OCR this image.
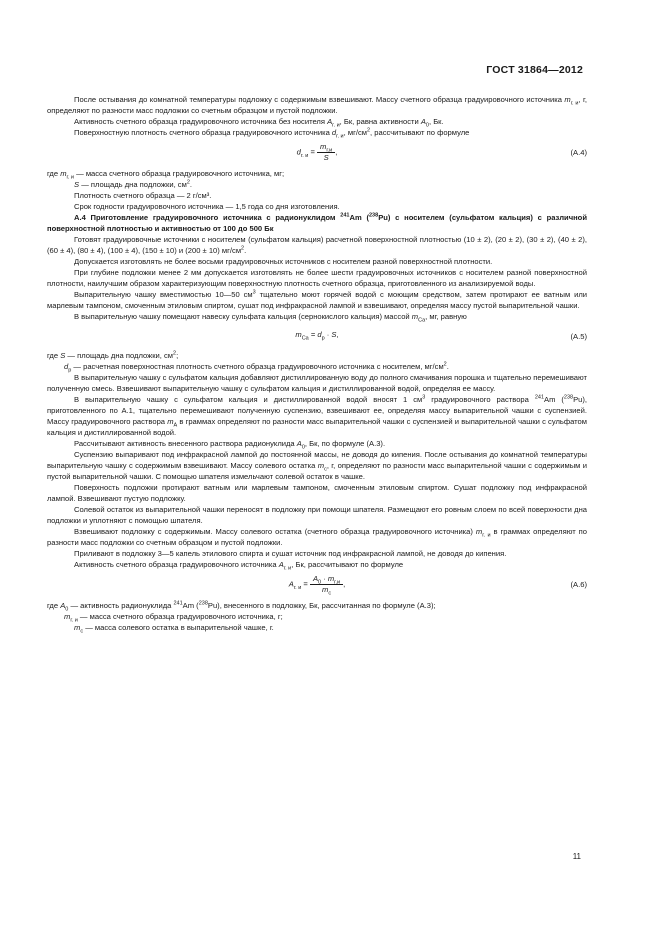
ГОСТ 31864—2012

После остывания до комнатной температуры подложку с содержимым взвешивают. Массу счетного образца градуировочного источника $m_{г. и}$, г, определяют по разности масс подложки со счетным образцом и пустой подложки.

Активность счетного образца градуировочного источника без носителя $A_{г. и}$, Бк, равна активности $A_0$, Бк.

Поверхностную плотность счетного образца градуировочного источника $d_{г. и}$, $мг/см^2$, рассчитывают по формуле

$d_{г. и} = \frac{m_{г.и}}{S}$ ,	(A.4)

где $m_{г. и}$ — масса счетного образца градуировочного источника, мг;

S — площадь дна подложки, $см^2$.

Плотность счетного образца — 2 г/см³.

Срок годности градуировочного источника — 1,5 года со дня изготовления.

А.4 Приготовление градуировочного источника с радионуклидом $^{241}$Am ($^{238}$Pu) с носителем (сульфатом кальция) с различной поверхностной плотностью и активностью от 100 до 500 Бк

Готовят градуировочные источники с носителем (сульфатом кальция) расчетной поверхностной плотностью (10 ± 2), (20 ± 2), (30 ± 2), (40 ± 2), (60 ± 4), (80 ± 4), (100 ± 4), (150 ± 10) и (200 ± 10) $мг/см^2$.

Допускается изготовлять не более восьми градуировочных источников с носителем разной поверхностной плотности.

При глубине подложки менее 2 мм допускается изготовлять не более шести градуировочных источников с носителем разной поверхностной плотности, наилучшим образом характеризующим поверхностную плотность счетного образца, приготовленного из анализируемой воды.

Выпарительную чашку вместимостью 10—50 $см^3$ тщательно моют горячей водой с моющим средством, затем протирают ее ватным или марлевым тампоном, смоченным этиловым спиртом, сушат под инфракрасной лампой и взвешивают, определяя массу пустой выпарительной чашки.

В выпарительную чашку помещают навеску сульфата кальция (сернокислого кальция) массой $m_{Ca}$, мг, равную

$m_{Ca} = d_p \cdot S$,	(A.5)

где S — площадь дна подложки, $см^2$;

$d_p$ — расчетная поверхностная плотность счетного образца градуировочного источника с носителем, $мг/см^2$.

В выпарительную чашку с сульфатом кальция добавляют дистиллированную воду до полного смачивания порошка и тщательно перемешивают полученную смесь. Взвешивают выпарительную чашку с сульфатом кальция и дистиллированной водой, определяя ее массу.

В выпарительную чашку с сульфатом кальция и дистиллированной водой вносят 1 $см^3$ градуировочного раствора $^{241}$Am ($^{238}$Pu), приготовленного по А.1, тщательно перемешивают полученную суспензию, взвешивают ее, определяя массу выпарительной чашки с суспензией. Массу градуировочного раствора $m_A$ в граммах определяют по разности масс выпарительной чашки с суспензией и выпарительной чашки с сульфатом кальция и дистиллированной водой.

Рассчитывают активность внесенного раствора радионуклида $A_0$, Бк, по формуле (А.3).

Суспензию выпаривают под инфракрасной лампой до постоянной массы, не доводя до кипения. После остывания до комнатной температуры выпарительную чашку с содержимым взвешивают. Массу солевого остатка $m_c$, г, определяют по разности масс выпарительной чашки с содержимым и пустой выпарительной чашки. С помощью шпателя измельчают солевой остаток в чашке.

Поверхность подложки протирают ватным или марлевым тампоном, смоченным этиловым спиртом. Сушат подложку под инфракрасной лампой. Взвешивают пустую подложку.

Солевой остаток из выпарительной чашки переносят в подложку при помощи шпателя. Размещают его ровным слоем по всей поверхности дна подложки и уплотняют с помощью шпателя.

Взвешивают подложку с содержимым. Массу солевого остатка (счетного образца градуировочного источника) $m_{г. и}$ в граммах определяют по разности масс подложки со счетным образцом и пустой подложки.

Приливают в подложку 3—5 капель этилового спирта и сушат источник под инфракрасной лампой, не доводя до кипения.

Активность счетного образца градуировочного источника $A_{г. и}$, Бк, рассчитывают по формуле

$A_{г. и} = \frac{A_0 \cdot m_{г.и}}{m_c}$ ,	(A.6)

где $A_0$ — активность радионуклида $^{241}$Am ($^{238}$Pu), внесенного в подложку, Бк, рассчитанная по формуле (А.3);

$m_{г. и}$ — масса счетного образца градуировочного источника, г;

$m_c$ — масса солевого остатка в выпарительной чашке, г.

11
